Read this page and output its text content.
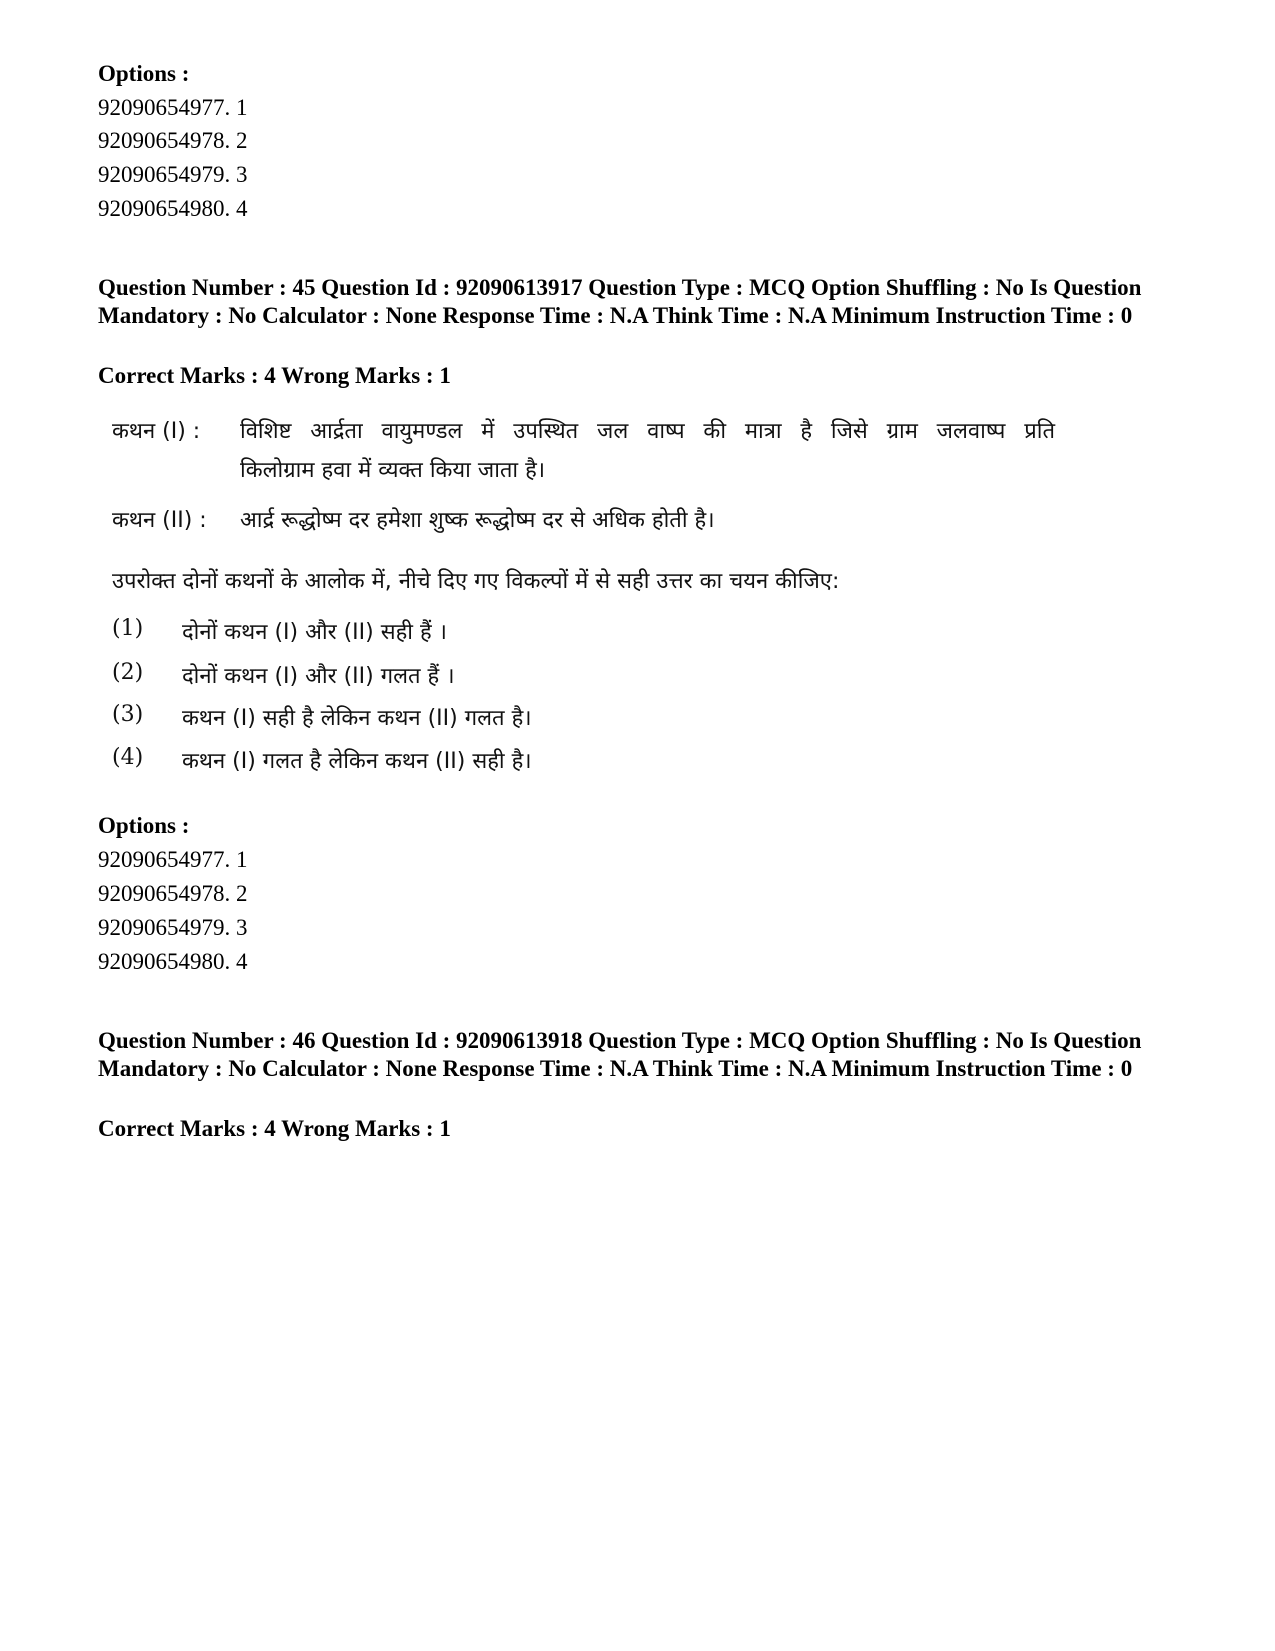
Options :
92090654977. 1
92090654978. 2
92090654979. 3
92090654980. 4
Question Number : 45 Question Id : 92090613917 Question Type : MCQ Option Shuffling : No Is Question Mandatory : No Calculator : None Response Time : N.A Think Time : N.A Minimum Instruction Time : 0
Correct Marks : 4 Wrong Marks : 1
कथन (I) : विशिष्ट आर्द्रता वायुमण्डल में उपस्थित जल वाष्प की मात्रा है जिसे ग्राम जलवाष्प प्रति
किलोग्राम हवा में व्यक्त किया जाता है।
कथन (II) : आर्द्र रूद्धोष्म दर हमेशा शुष्क रूद्धोष्म दर से अधिक होती है।
उपरोक्त दोनों कथनों के आलोक में, नीचे दिए गए विकल्पों में से सही उत्तर का चयन कीजिए:
(1) दोनों कथन (I) और (II) सही हैं ।
(2) दोनों कथन (I) और (II) गलत हैं ।
(3) कथन (I) सही है लेकिन कथन (II) गलत है।
(4) कथन (I) गलत है लेकिन कथन (II) सही है।
Options :
92090654977. 1
92090654978. 2
92090654979. 3
92090654980. 4
Question Number : 46 Question Id : 92090613918 Question Type : MCQ Option Shuffling : No Is Question Mandatory : No Calculator : None Response Time : N.A Think Time : N.A Minimum Instruction Time : 0
Correct Marks : 4 Wrong Marks : 1
